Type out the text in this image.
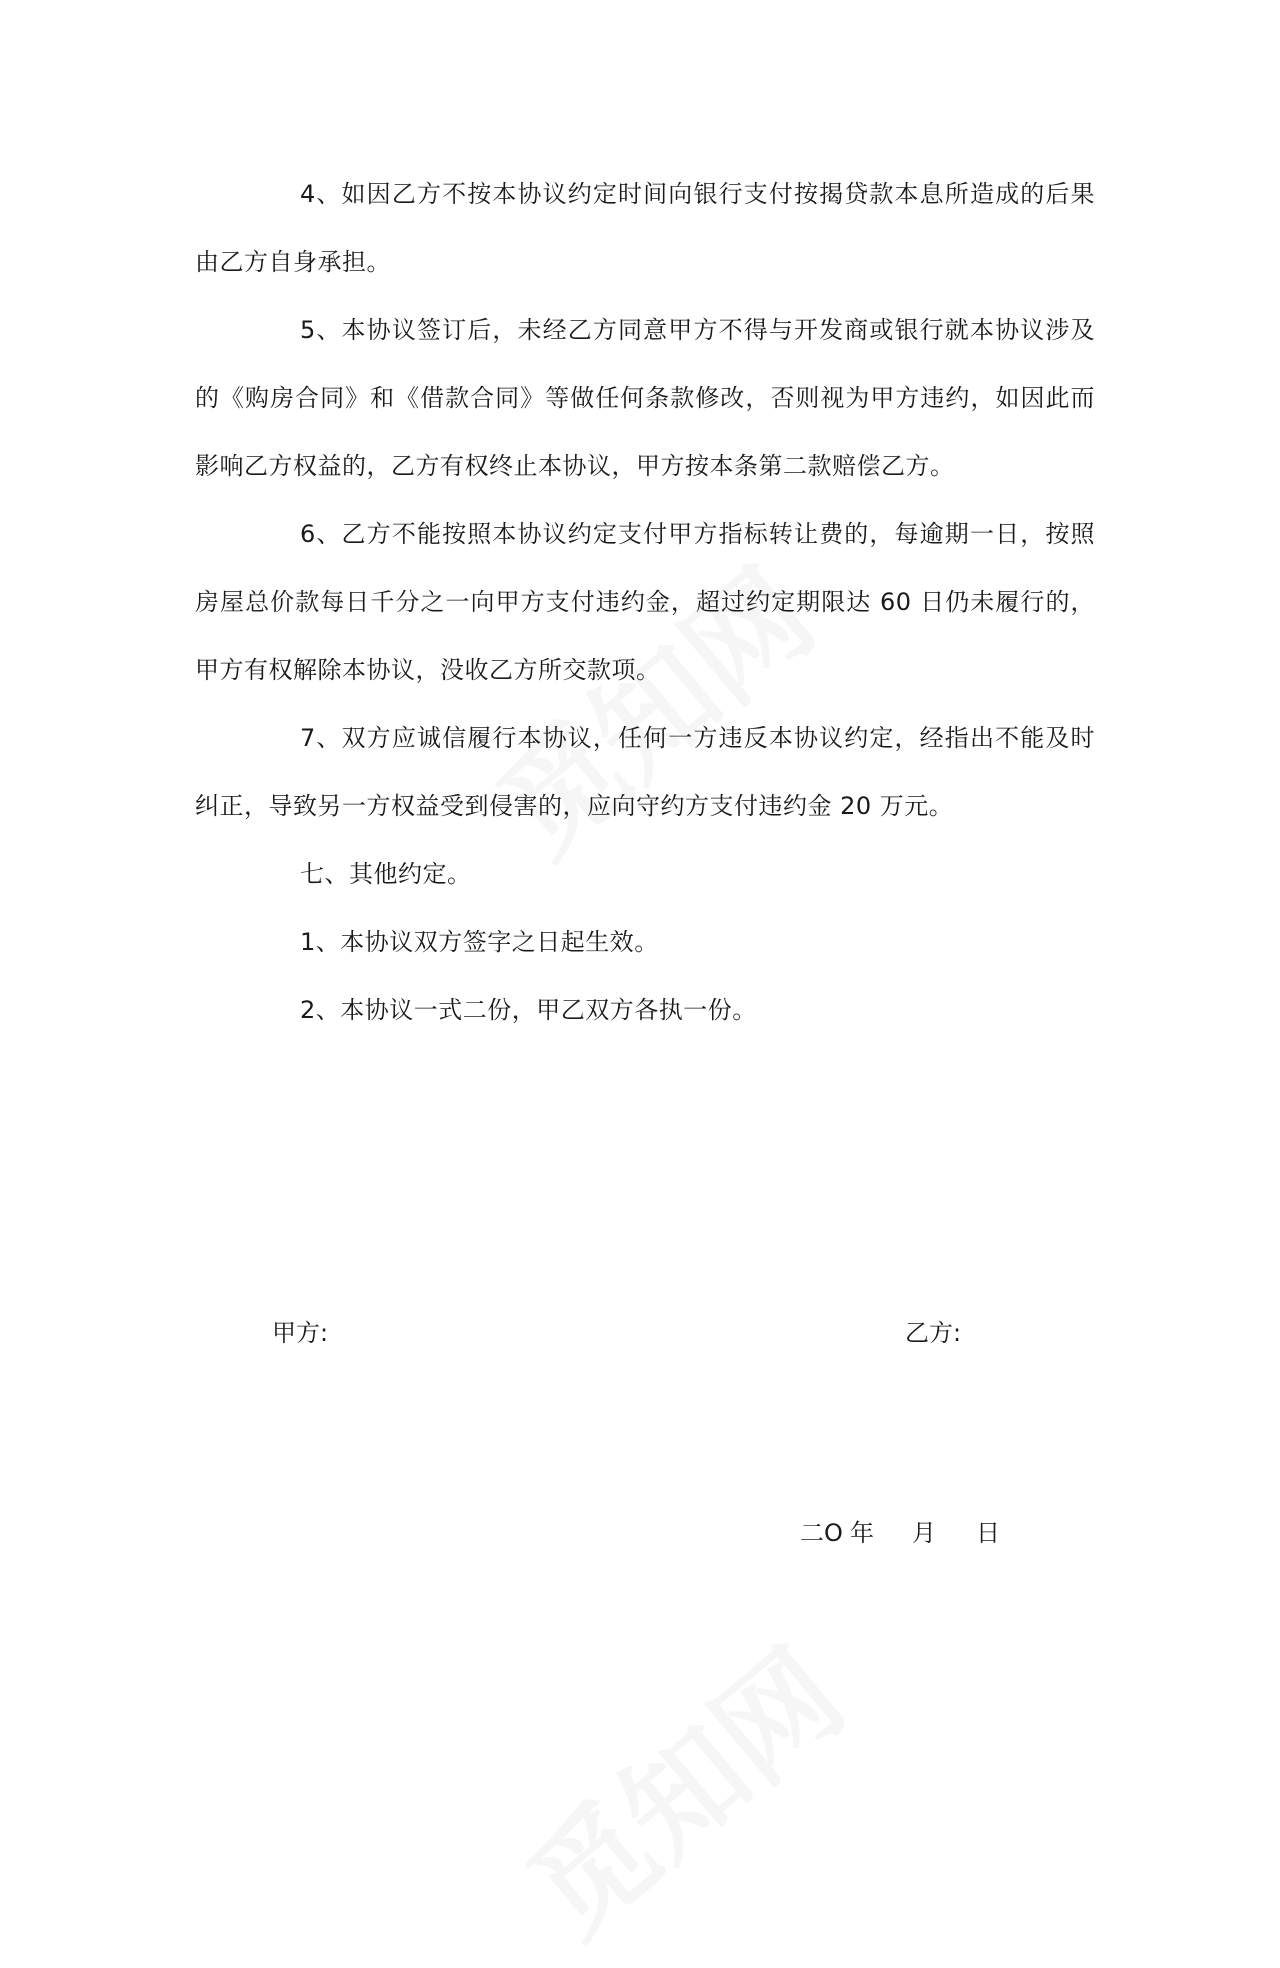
4、如因乙方不按本协议约定时间向银行支付按揭贷款本息所造成的后果由乙方自身承担。

5、本协议签订后，未经乙方同意甲方不得与开发商或银行就本协议涉及的《购房合同》和《借款合同》等做任何条款修改，否则视为甲方违约，如因此而影响乙方权益的，乙方有权终止本协议，甲方按本条第二款赔偿乙方。

6、乙方不能按照本协议约定支付甲方指标转让费的，每逾期一日，按照房屋总价款每日千分之一向甲方支付违约金，超过约定期限达 60 日仍未履行的，甲方有权解除本协议，没收乙方所交款项。

7、双方应诚信履行本协议，任何一方违反本协议约定，经指出不能及时纠正，导致另一方权益受到侵害的，应向守约方支付违约金 20 万元。

七、其他约定。

1、本协议双方签字之日起生效。

2、本协议一式二份，甲乙双方各执一份。

甲方:	乙方:
二O 年	月	日
